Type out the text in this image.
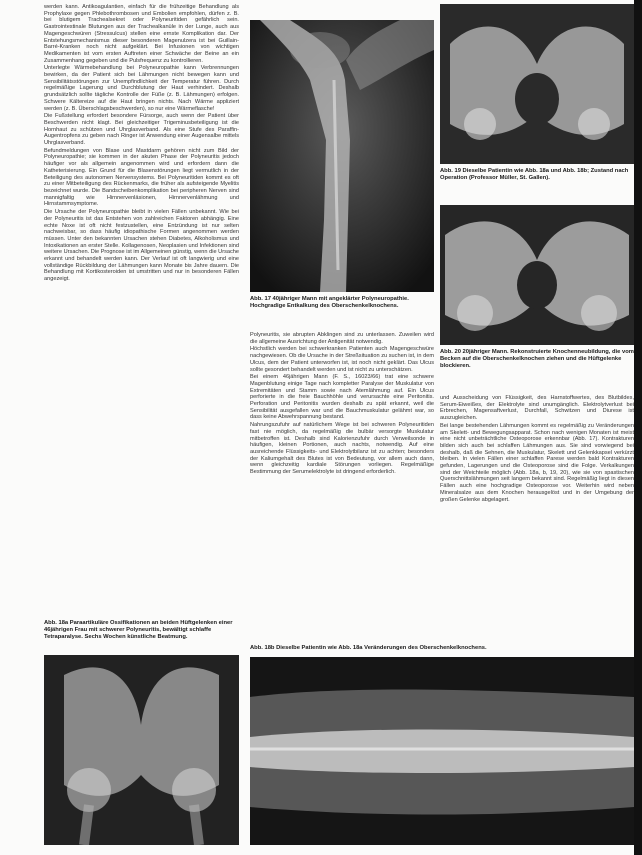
werden kann. Antikoagulantien, einfach für die frühzeitige Behandlung als Prophylaxe gegen Phlebothrombosen und Embolien empfohlen, dürfen z. B. bei blutigem Trachealsekret oder Polyneuritiden gefährlich sein. Gastrointestinale Blutungen aus der Trachealkanüle in der Lunge, auch aus Magengeschwüren (Stressulcus) stellen eine ernste Komplikation dar. Der Entstehungsmechanismus dieser besonderen Magenulzera ist bei Guillain-Barré-Kranken noch nicht aufgeklärt. Bei Infusionen von wichtigen Medikamenten ist vom ersten Auftreten einer Schwäche der Beine an ein Zusammenhang gegeben und die Pulsfrequenz zu kontrollieren.

Unterlegte Wärmebehandlung bei Polyneuropathie kann Verbrennungen bewirken, da der Patient sich bei Lähmungen nicht bewegen kann und Sensibilitätsstörungen zur Unempfindlichkeit der Temperatur führen. Durch regelmäßige Lagerung und Durchblutung der Haut verhindert. Deshalb grundsätzlich sollte tägliche Kontrolle der Füße (z. B. Lähmungen) erfolgen. Schwere Kältereize auf die Haut bringen nichts. Nach Wärme appliziert werden (z. B. Überschlagsbeschwerden), so nur eine Wärmeflasche!

Die Fußstellung erfordert besondere Fürsorge, auch wenn der Patient über Beschwerden nicht klagt. Bei gleichzeitiger Trigeminusbeteiligung ist die Hornhaut zu schützen und Uhrglasverband. Als eine Stufe des Paraffin-Augentropfens zu geben nach Ringer ist Anwendung einer Augensalbe mittels Uhrglasverband.

Befundmeldungen von Blase und Mastdarm gehören nicht zum Bild der Polyneuropathie; sie kommen in der akuten Phase der Polyneuritis jedoch häufiger vor als allgemein angenommen wird und erfordern dann die Katheterisierung. Ein Grund für die Blasenstörungen liegt vermutlich in der Beteiligung des autonomen Nervensystems. Bei Polyneuritiden kommt es oft zu einer Mitbeteiligung des Rückenmarks, die früher als aufsteigende Myelitis bezeichnet wurde. Die Bandscheibenkomplikation bei peripheren Nerven sind mannigfaltig wie Hirnnervenläsionen, Hirnnervenlähmung und Hirnstammsymptome.

Die Ursache der Polyneuropathie bleibt in vielen Fällen unbekannt. Wie bei der Polyneuritis ist das Entstehen von zahlreichen Faktoren abhängig. Eine echte Noxe ist oft nicht festzustellen, eine Entzündung ist nur selten nachweisbar, so dass häufig idiopathische Formen angenommen werden müssen. Unter den bekannten Ursachen stehen Diabetes, Alkoholismus und Intoxikationen an erster Stelle. Kollagenosen, Neoplasien und Infektionen sind weitere Ursachen. Die Prognose ist im Allgemeinen günstig, wenn die Ursache erkannt und behandelt werden kann. Der Verlauf ist oft langwierig und eine vollständige Rückbildung der Lähmungen kann Monate bis Jahre dauern. Die Behandlung mit Kortikosteroiden ist umstritten und nur in besonderen Fällen angezeigt.

Abb. 17 40jähriger Mann mit angeklärter Polyneuropathie. Hochgradige Entkalkung des Oberschenkelknochens.
Abb. 19 Dieselbe Patientin wie Abb. 18a und Abb. 18b; Zustand nach Operation (Professor Müller, St. Gallen).
Abb. 20 20jähriger Mann. Rekonstruierte Knochenneubildung, die vom Becken auf die Oberschenkelknochen ziehen und die Hüftgelenke blockieren.

Polyneuritis, sie abrupten Abklingen sind zu unterlassen. Zuweilen wird die allgemeine Ausrichtung der Antigenität notwendig.

Höchstlich werden bei schwerkranken Patienten auch Magengeschwüre nachgewiesen. Ob die Ursache in der Streßsituation zu suchen ist, in dem Ulcus, dem der Patient unterworfen ist, ist noch nicht geklärt. Das Ulcus sollte gesondert behandelt werden und ist nicht zu unterschätzen.

Bei einem 46jährigen Mann (F. S., 16023/66) trat eine schwere Magenblutung einige Tage nach kompletter Paralyse der Muskulatur von Extremitäten und Stamm sowie nach Atemlähmung auf. Ein Ulcus perforierte in die freie Bauchhöhle und verursachte eine Peritonitis. Perforation und Peritonitis wurden deshalb zu spät erkannt, weil die Sensibilität ausgefallen war und die Bauchmuskulatur gelähmt war, so dass keine Abwehrspannung bestand.

Nahrungszufuhr auf natürlichem Wege ist bei schweren Polyneuritiden fast nie möglich, da regelmäßig die bulbär versorgte Muskulatur mitbetroffen ist. Deshalb sind Kalorienzufuhr durch Verweilsonde in häufigen, kleinen Portionen, auch nachts, notwendig. Auf eine ausreichende Flüssigkeits- und Elektrolytbilanz ist zu achten; besonders der Kaliumgehalt des Blutes ist von Bedeutung, vor allem auch dann, wenn gleichzeitig kardiale Störungen vorliegen. Regelmäßige Bestimmung der Serumelektrolyte ist dringend erforderlich.

und Ausscheidung von Flüssigkeit, des Harnstoffwertes, des Blutbildes, Serum-Eiweißes, der Elektrolyte sind unumgänglich. Elektrolytverlust bei Erbrechen, Magensaftverlust, Durchfall, Schwitzen und Diurese ist auszugleichen.

Bei lange bestehenden Lähmungen kommt es regelmäßig zu Veränderungen am Skelett- und Bewegungsapparat. Schon nach wenigen Monaten ist meist eine nicht unbeträchtliche Osteoporose erkennbar (Abb. 17). Kontrakturen bilden sich auch bei schlaffen Lähmungen aus. Sie sind vorwiegend bei deshalb, daß die Sehnen, die Muskulatur, Skelett und Gelenkkapsel verkürzt bleiben. In vielen Fällen einer schlaffen Parese werden bald Kontrakturen gefunden, Lagerungen und die Osteoporose sind die Folge. Verkalkungen sind der Weichteile möglich (Abb. 18a, b, 19, 20), wie sie von spastischen Querschnittslähmungen seit langem bekannt sind. Regelmäßig liegt in diesen Fällen auch eine hochgradige Osteoporose vor. Weiterhin wird neben Mineralsalze aus dem Knochen herausgelöst und in der Umgebung der großen Gelenke abgelagert.

Abb. 18a Paraartikuläre Ossifikationen an beiden Hüftgelenken einer 46jährigen Frau mit schwerer Polyneuritis, bewältigt schlaffe Tetraparalyse. Sechs Wochen künstliche Beatmung.
Abb. 18b Dieselbe Patientin wie Abb. 18a Veränderungen des Oberschenkelknochens.
